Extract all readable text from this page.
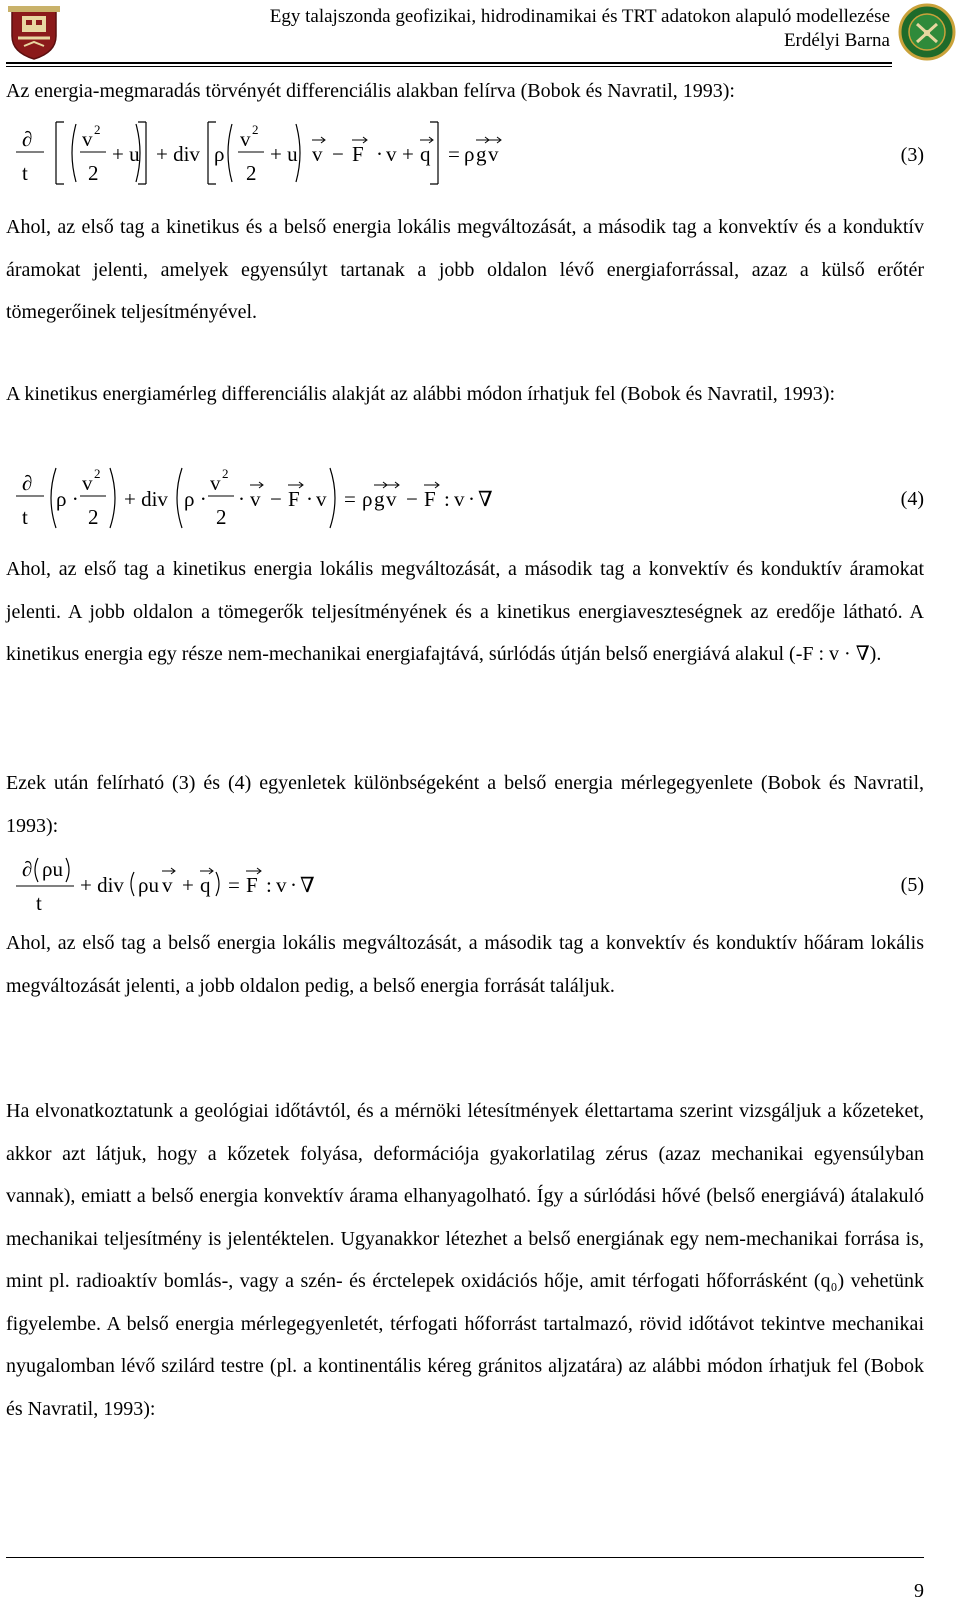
Egy talajszonda geofizikai, hidrodinamikai és TRT adatokon alapuló modellezése
Erdélyi Barna
Az energia-megmaradás törvényét differenciális alakban felírva (Bobok és Navratil, 1993):
∂
t
v 2
2
+ u + div ρ
v 2
2
+ u v − F · v + q = ρ g v	(3)
Ahol, az első tag a kinetikus és a belső energia lokális megváltozását, a második tag a konvektív és a konduktív áramokat jelenti, amelyek egyensúlyt tartanak a jobb oldalon lévő energiaforrással, azaz a külső erőtér tömegerőinek teljesítményével.
A kinetikus energiamérleg differenciális alakját az alábbi módon írhatjuk fel (Bobok és Navratil, 1993):
∂
t
ρ ·
v 2
2
+ div ρ ·
v 2
2
· v − F · v = ρ g v − F : v · ∇	(4)
Ahol, az első tag a kinetikus energia lokális megváltozását, a második tag a konvektív és konduktív áramokat jelenti. A jobb oldalon a tömegerők teljesítményének és a kinetikus energiaveszteségnek az eredője látható. A kinetikus energia egy része nem-mechanikai energiafajtává, súrlódás útján belső energiává alakul (-F : v · ∇).
Ezek után felírható (3) és (4) egyenletek különbségeként a belső energia mérlegegyenlete (Bobok és Navratil, 1993):
∂ ρu
t
+ div ρu v + q = F : v · ∇	(5)
Ahol, az első tag a belső energia lokális megváltozását, a második tag a konvektív és konduktív hőáram lokális megváltozását jelenti, a jobb oldalon pedig, a belső energia forrását találjuk.
Ha elvonatkoztatunk a geológiai időtávtól, és a mérnöki létesítmények élettartama szerint vizsgáljuk a kőzeteket, akkor azt látjuk, hogy a kőzetek folyása, deformációja gyakorlatilag zérus (azaz mechanikai egyensúlyban vannak), emiatt a belső energia konvektív árama elhanyagolható. Így a súrlódási hővé (belső energiává) átalakuló mechanikai teljesítmény is jelentéktelen. Ugyanakkor létezhet a belső energiának egy nem-mechanikai forrása is, mint pl. radioaktív bomlás-, vagy a szén- és érctelepek oxidációs hője, amit térfogati hőforrásként (q₀) vehetünk figyelembe. A belső energia mérlegegyenletét, térfogati hőforrást tartalmazó, rövid időtávot tekintve mechanikai nyugalomban lévő szilárd testre (pl. a kontinentális kéreg gránitos aljzatára) az alábbi módon írhatjuk fel (Bobok és Navratil, 1993):
9
